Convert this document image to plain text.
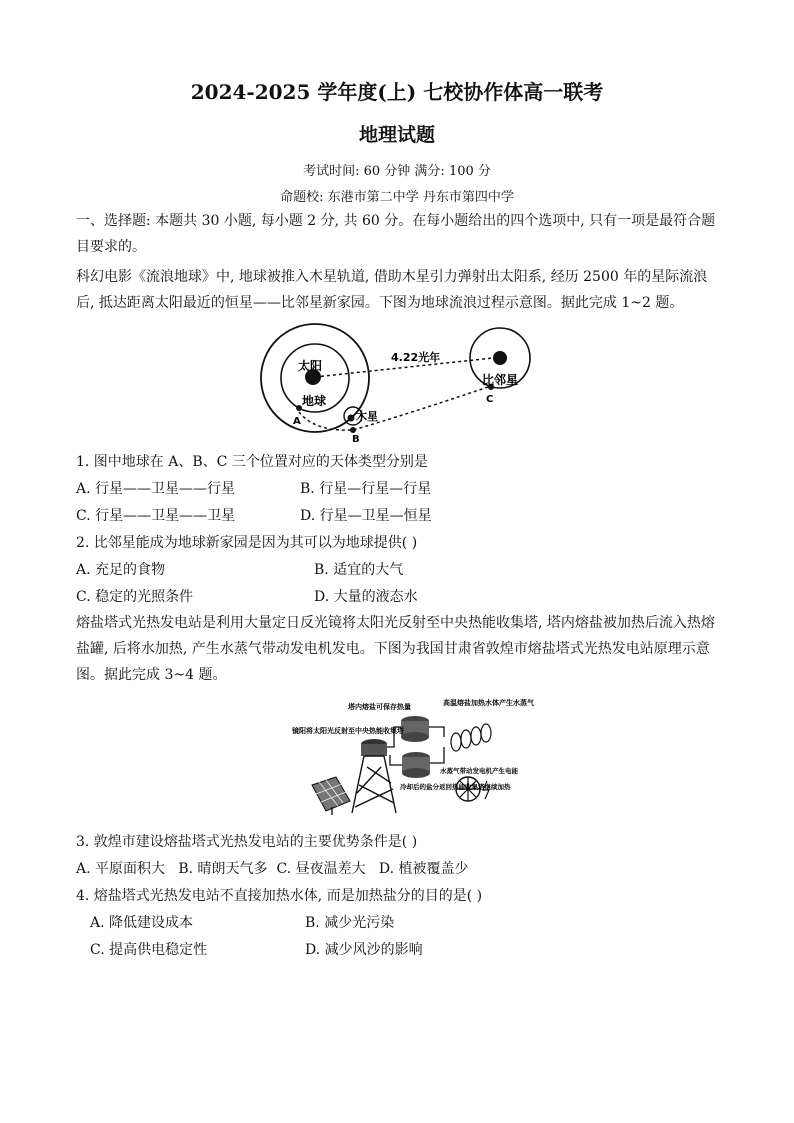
2024-2025 学年度(上) 七校协作体高一联考
地理试题
考试时间: 60 分钟 满分: 100 分
命题校: 东港市第二中学 丹东市第四中学
一、选择题: 本题共 30 小题, 每小题 2 分, 共 60 分。在每小题给出的四个选项中, 只有一项是最符合题目要求的。
科幻电影《流浪地球》中, 地球被推入木星轨道, 借助木星引力弹射出太阳系, 经历 2500 年的星际流浪后, 抵达距离太阳最近的恒星——比邻星新家园。下图为地球流浪过程示意图。据此完成 1~2 题。
太阳
4.22光年
比邻星
地球
木星
A
B
C
1. 图中地球在 A、B、C 三个位置对应的天体类型分别是
A. 行星——卫星——行星	B. 行星—行星—行星
C. 行星——卫星——卫星	D. 行星—卫星—恒星
2. 比邻星能成为地球新家园是因为其可以为地球提供( )
A. 充足的食物	B. 适宜的大气
C. 稳定的光照条件	D. 大量的液态水
熔盐塔式光热发电站是利用大量定日反光镜将太阳光反射至中央热能收集塔, 塔内熔盐被加热后流入热熔盐罐, 后将水加热, 产生水蒸气带动发电机发电。下图为我国甘肃省敦煌市熔盐塔式光热发电站原理示意图。据此完成 3~4 题。
镜阳将太阳光反射至中央热能收集塔
塔内熔盐可保存热量	高温熔盐加热水体产生水蒸气
水蒸气带动发电机产生电能
冷却后的盐分返回热能收集塔继续加热
3. 敦煌市建设熔盐塔式光热发电站的主要优势条件是( )
A. 平原面积大   B. 晴朗天气多  C. 昼夜温差大   D. 植被覆盖少
4. 熔盐塔式光热发电站不直接加热水体, 而是加热盐分的目的是( )
A. 降低建设成本	B. 减少光污染
C. 提高供电稳定性	D. 减少风沙的影响
